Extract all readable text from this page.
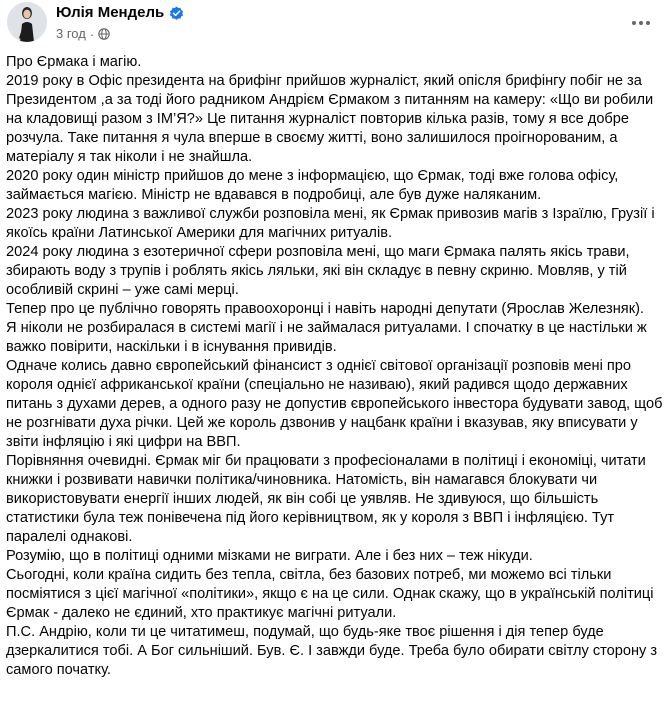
Юлія Мендель
3 год ·

Про Єрмака і магію.

2019 року в Офіс президента на брифінг прийшов журналіст, який опісля брифінгу побіг не за Президентом ,а за тоді його радником Андрієм Єрмаком з питанням на камеру: «Що ви робили на кладовищі разом з ІМ’Я?» Це питання журналіст повторив кілька разів, тому я все добре розчула. Таке питання я чула вперше в своєму житті, воно залишилося проігнорованим, а матеріалу я так ніколи і не знайшла.

2020 року один міністр прийшов до мене з інформацією, що Єрмак, тоді вже голова офісу, займається магією. Міністр не вдавався в подробиці, але був дуже наляканим.

2023 року людина з важливої служби розповіла мені, як Єрмак привозив магів з Ізраїлю, Грузії і якоїсь країни Латинської Америки для магічних ритуалів.

2024 року людина з езотеричної сфери розповіла мені, що маги Єрмака палять якісь трави, збирають воду з трупів і роблять якісь ляльки, які він складує в певну скриню. Мовляв, у тій особливій скрині – уже самі мерці.

Тепер про це публічно говорять правоохоронці і навіть народні депутати (Ярослав Железняк).

Я ніколи не розбиралася в системі магії і не займалася ритуалами. І спочатку в це настільки ж важко повірити, наскільки і в існування привидів.

Одначе колись давно європейський фінансист з однієї світової організації розповів мені про короля однієї африканської країни (спеціально не називаю), який радився щодо державних питань з духами дерев, а одного разу не допустив європейського інвестора будувати завод, щоб не розгнівати духа річки. Цей же король дзвонив у нацбанк країни і вказував, яку вписувати у звіти інфляцію і які цифри на ВВП.

Порівняння очевидні. Єрмак міг би працювати з професіоналами в політиці і економіці, читати книжки і розвивати навички політика/чиновника. Натомість, він намагався блокувати чи використовувати енергії інших людей, як він собі це уявляв. Не здивуюся, що більшість статистики була теж понівечена під його керівництвом, як у короля з ВВП і інфляцією. Тут паралелі однакові.

Розумію, що в політиці одними мізками не виграти. Але і без них – теж нікуди.

Сьогодні, коли країна сидить без тепла, світла, без базових потреб, ми можемо всі тільки посміятися з цієї магічної «політики», якщо є на це сили. Однак скажу, що в українській політиці Єрмак - далеко не єдиний, хто практикує магічні ритуали.

П.С. Андрію, коли ти це читатимеш, подумай, що будь-яке твоє рішення і дія тепер буде дзеркалитися тобі. А Бог сильніший. Був. Є. І завжди буде. Треба було обирати світлу сторону з самого початку.
